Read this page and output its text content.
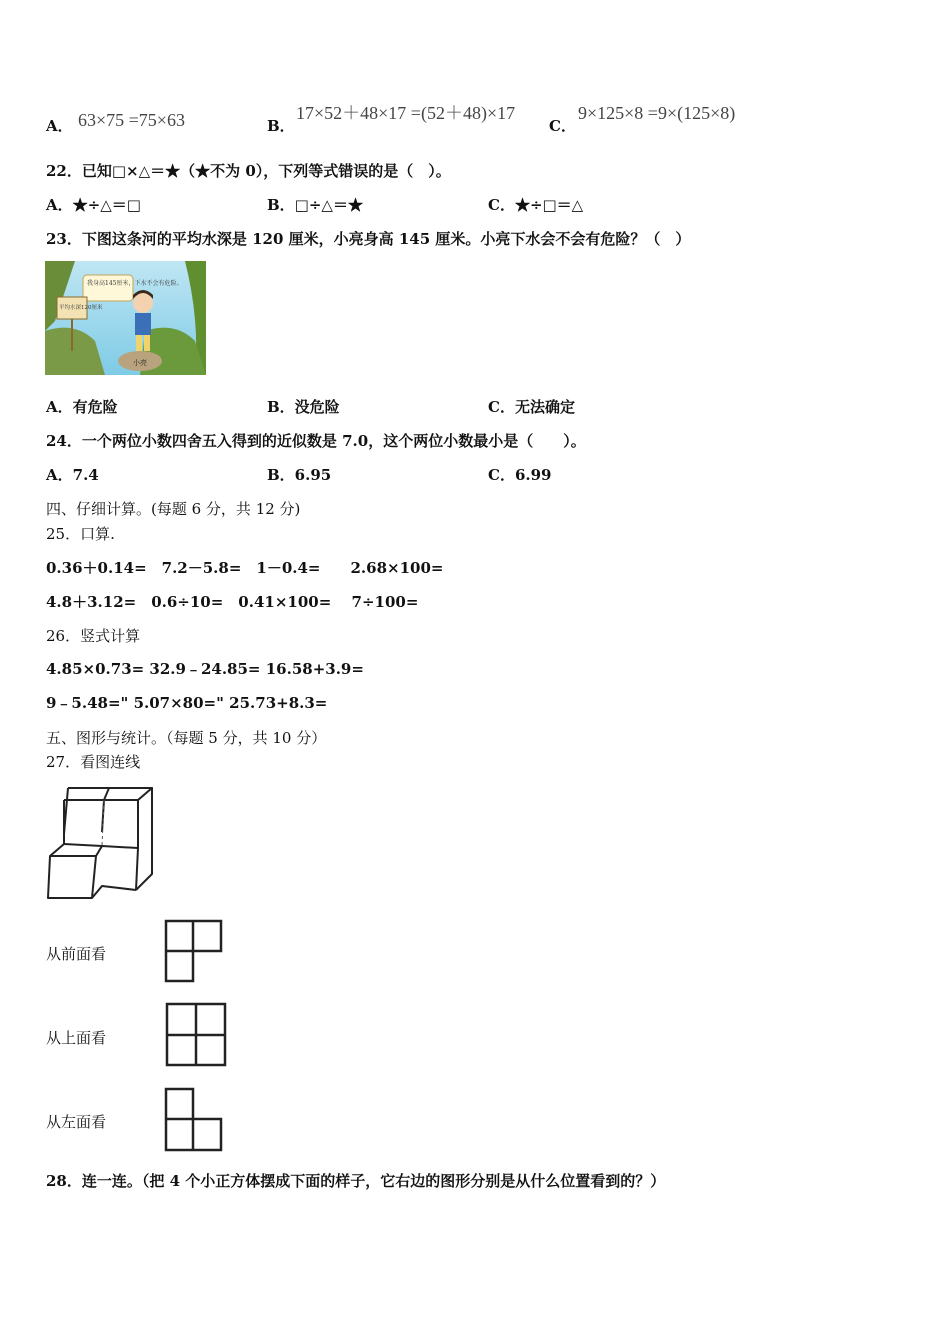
A． 63×75 =75×63	B．
17×52＋48×17 =(52＋48)×17
C．
9×125×8 =9×(125×8)
22．已知□×△＝★（★不为 0），下列等式错误的是（　）。
A．★÷△＝□	B．□÷△＝★	C．★÷□＝△
23．下图这条河的平均水深是 120 厘米，小亮身高 145 厘米。小亮下水会不会有危险？（　）
我身高145厘米，下水不会有危险。
平均水深120厘米
小亮
A．有危险	B．没危险	C．无法确定
24．一个两位小数四舍五入得到的近似数是 7.0，这个两位小数最小是（　　）。
A．7.4	B．6.95	C．6.99
四、仔细计算。(每题 6 分，共 12 分)
25．口算.
0.36＋0.14=　7.2－5.8=　1－0.4=　　2.68×100=
4.8＋3.12=　0.6÷10=　0.41×100=　 7÷100=
26．竖式计算
4.85×0.73= 32.9﹣24.85= 16.58+3.9=
9﹣5.48=" 5.07×80=" 25.73+8.3=
五、图形与统计。（每题 5 分，共 10 分）
27．看图连线
从前面看
从上面看
从左面看
28．连一连。（把 4 个小正方体摆成下面的样子，它右边的图形分别是从什么位置看到的？）
